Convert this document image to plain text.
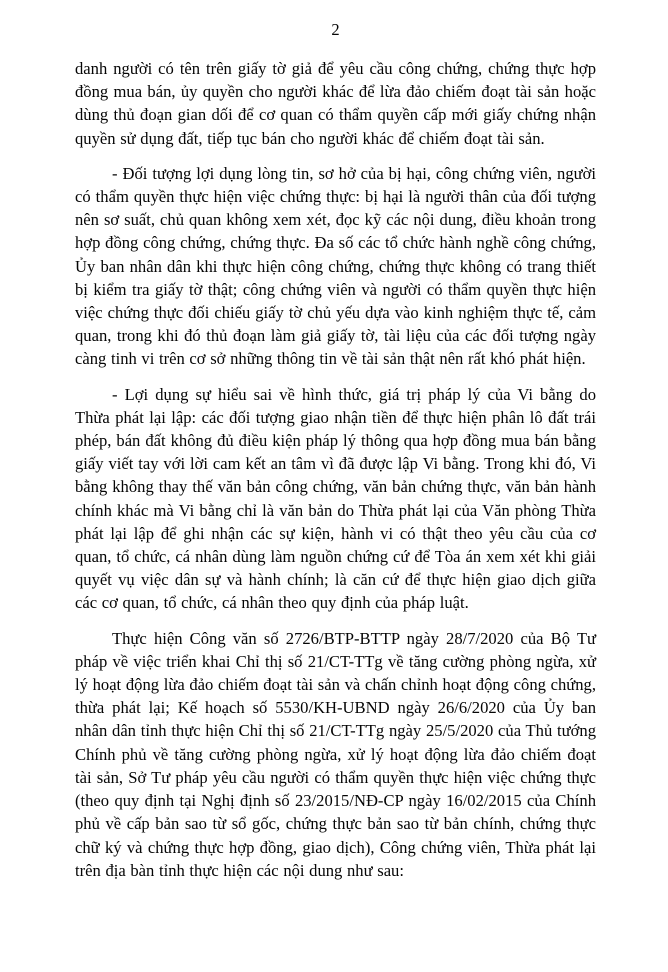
2

danh người có tên trên giấy tờ giả để yêu cầu công chứng, chứng thực hợp đồng mua bán, ủy quyền cho người khác để lừa đảo chiếm đoạt tài sản hoặc dùng thủ đoạn gian dối để cơ quan có thẩm quyền cấp mới giấy chứng nhận quyền sử dụng đất, tiếp tục bán cho người khác để chiếm đoạt tài sản.

- Đối tượng lợi dụng lòng tin, sơ hở của bị hại, công chứng viên, người có thẩm quyền thực hiện việc chứng thực: bị hại là người thân của đối tượng nên sơ suất, chủ quan không xem xét, đọc kỹ các nội dung, điều khoản trong hợp đồng công chứng, chứng thực. Đa số các tổ chức hành nghề công chứng, Ủy ban nhân dân khi thực hiện công chứng, chứng thực không có trang thiết bị kiểm tra giấy tờ thật; công chứng viên và người có thẩm quyền thực hiện việc chứng thực đối chiếu giấy tờ chủ yếu dựa vào kinh nghiệm thực tế, cảm quan, trong khi đó thủ đoạn làm giả giấy tờ, tài liệu của các đối tượng ngày càng tinh vi trên cơ sở những thông tin về tài sản thật nên rất khó phát hiện.

- Lợi dụng sự hiểu sai về hình thức, giá trị pháp lý của Vi bằng do Thừa phát lại lập: các đối tượng giao nhận tiền để thực hiện phân lô đất trái phép, bán đất không đủ điều kiện pháp lý thông qua hợp đồng mua bán bằng giấy viết tay với lời cam kết an tâm vì đã được lập Vi bằng. Trong khi đó, Vi bằng không thay thế văn bản công chứng, văn bản chứng thực, văn bản hành chính khác mà Vi bằng chỉ là văn bản do Thừa phát lại của Văn phòng Thừa phát lại lập để ghi nhận các sự kiện, hành vi có thật theo yêu cầu của cơ quan, tổ chức, cá nhân dùng làm nguồn chứng cứ để Tòa án xem xét khi giải quyết vụ việc dân sự và hành chính; là căn cứ để thực hiện giao dịch giữa các cơ quan, tổ chức, cá nhân theo quy định của pháp luật.

Thực hiện Công văn số 2726/BTP-BTTP ngày 28/7/2020 của Bộ Tư pháp về việc triển khai Chỉ thị số 21/CT-TTg về tăng cường phòng ngừa, xử lý hoạt động lừa đảo chiếm đoạt tài sản và chấn chỉnh hoạt động công chứng, thừa phát lại; Kế hoạch số 5530/KH-UBND ngày 26/6/2020 của Ủy ban nhân dân tỉnh thực hiện Chỉ thị số 21/CT-TTg ngày 25/5/2020 của Thủ tướng Chính phủ về tăng cường phòng ngừa, xử lý hoạt động lừa đảo chiếm đoạt tài sản, Sở Tư pháp yêu cầu người có thẩm quyền thực hiện việc chứng thực (theo quy định tại Nghị định số 23/2015/NĐ-CP ngày 16/02/2015 của Chính phủ về cấp bản sao từ sổ gốc, chứng thực bản sao từ bản chính, chứng thực chữ ký và chứng thực hợp đồng, giao dịch), Công chứng viên, Thừa phát lại trên địa bàn tỉnh thực hiện các nội dung như sau:
